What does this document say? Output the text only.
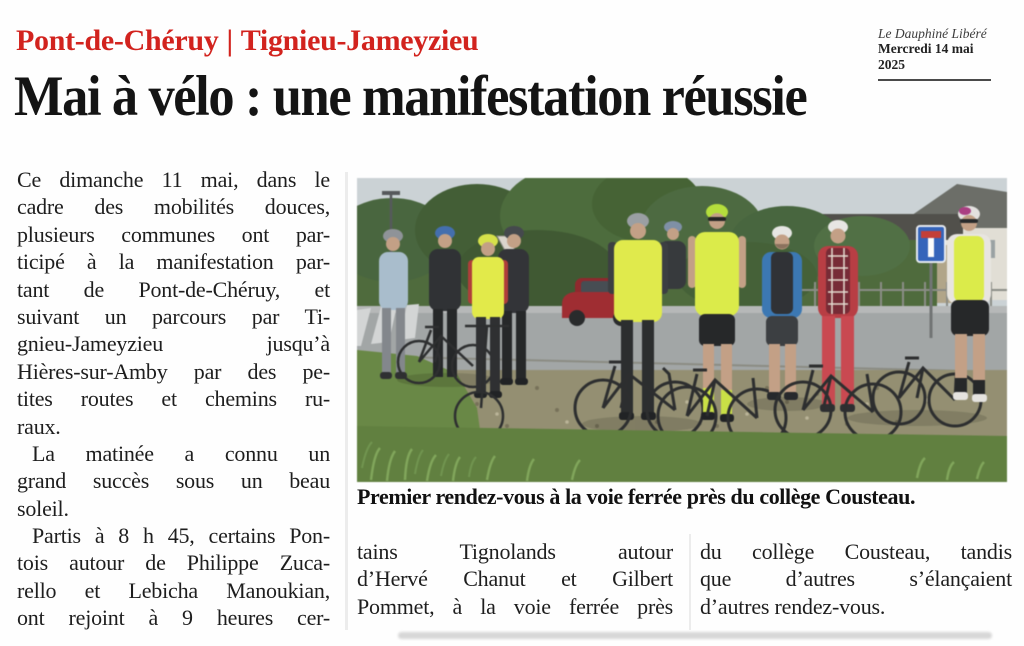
Pont-de-Chéruy | Tignieu-Jameyzieu	Le Dauphiné Libéré
Mercredi 14 mai 2025
Mai à vélo : une manifestation réussie
Ce dimanche 11 mai, dans le
cadre des mobilités douces,
plusieurs communes ont par-
ticipé à la manifestation par-
tant de Pont-de-Chéruy, et
suivant un parcours par Ti-
gnieu-Jameyzieu jusqu’à
Hières-sur-Amby par des pe-
tites routes et chemins ru-
raux.
La matinée a connu un
grand succès sous un beau
soleil.
Partis à 8 h 45, certains Pon-
tois autour de Philippe Zuca-
rello et Lebicha Manoukian,
ont rejoint à 9 heures cer-
Premier rendez-vous à la voie ferrée près du collège Cousteau.
tains Tignolands autour
d’Hervé Chanut et Gilbert
Pommet, à la voie ferrée près
du collège Cousteau, tandis
que d’autres s’élançaient
d’autres rendez-vous.
